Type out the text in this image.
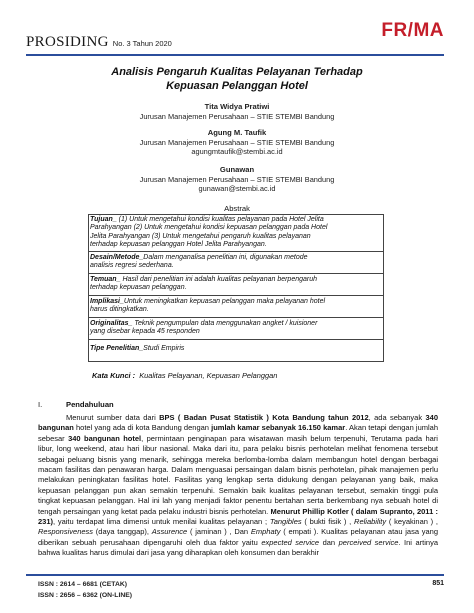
PROSIDING No. 3 Tahun 2020
FR/MA
Analisis Pengaruh Kualitas Pelayanan Terhadap
Kepuasan Pelanggan Hotel
Tita Widya Pratiwi
Jurusan Manajemen Perusahaan – STIE STEMBI Bandung
Agung M. Taufik
Jurusan Manajemen Perusahaan – STIE STEMBI Bandung
agungmtaufik@stembi.ac.id
Gunawan
Jurusan Manajemen Perusahaan – STIE STEMBI Bandung
gunawan@stembi.ac.id
Abstrak
Tujuan_ (1) Untuk mengetahui kondisi kualitas pelayanan pada Hotel Jelita
Parahyangan (2) Untuk mengetahui kondisi kepuasan pelanggan pada Hotel
Jelita Parahyangan (3) Untuk mengetahui pengaruh kualitas pelayanan
terhadap kepuasan pelanggan Hotel Jelita Parahyangan.
Desain/Metode_Dalam menganalisa penelitian ini, digunakan metode
analisis regresi sederhana.
Temuan_ Hasil dari penelitian ini adalah kualitas pelayanan berpengaruh
terhadap kepuasan pelanggan.
Implikasi_Untuk meningkatkan kepuasan pelanggan maka pelayanan hotel
harus ditingkatkan.
Originalitas_ Teknik pengumpulan data menggunakan angket / kuisioner
yang disebar kepada 45 responden
Tipe Penelitian_Studi Empiris
Kata Kunci : Kualitas Pelayanan, Kepuasan Pelanggan
I.	Pendahuluan
Menurut sumber data dari BPS ( Badan Pusat Statistik ) Kota Bandung tahun 2012, ada sebanyak 340 bangunan hotel yang ada di kota Bandung dengan jumlah kamar sebanyak 16.150 kamar. Akan tetapi dengan jumlah sebesar 340 bangunan hotel, permintaan penginapan para wisatawan masih belum terpenuhi, Terutama pada hari libur, long weekend, atau hari libur nasional. Maka dari itu, para pelaku bisnis perhotelan melihat fenomena tersebut sebagai peluang bisnis yang menarik, sehingga mereka berlomba-lomba dalam membangun hotel dengan berbagai macam fasilitas dan penawaran harga. Dalam menguasai persaingan dalam bisnis perhotelan, pihak manajemen perlu melakukan peningkatan fasilitas hotel. Fasilitas yang lengkap serta didukung dengan pelayanan yang baik, maka kepuasan pelanggan pun akan semakin terpenuhi. Semakin baik kualitas pelayanan tersebut, semakin tinggi pula tingkat kepuasan pelanggan. Hal ini lah yang menjadi faktor penentu bertahan serta berkembang nya sebuah hotel di tengah persaingan yang ketat pada pelaku industri bisnis perhotelan. Menurut Phillip Kotler ( dalam Supranto, 2011 : 231), yaitu terdapat lima dimensi untuk menilai kualitas pelayanan ; Tangibles ( bukti fisik ) , Reliability ( keyakinan ) , Responsiveness (daya tanggap), Assurence ( jaminan ) , Dan Emphaty ( empati ). Kualitas pelayanan atau jasa yang diberikan sebuah perusahaan dipengaruhi oleh dua faktor yaitu expected service dan perceived service. Ini artinya bahwa kualitas harus dimulai dari jasa yang diharapkan oleh konsumen dan berakhir
ISSN : 2614 – 6681 (CETAK)
ISSN : 2656 – 6362 (ON-LINE)
851
